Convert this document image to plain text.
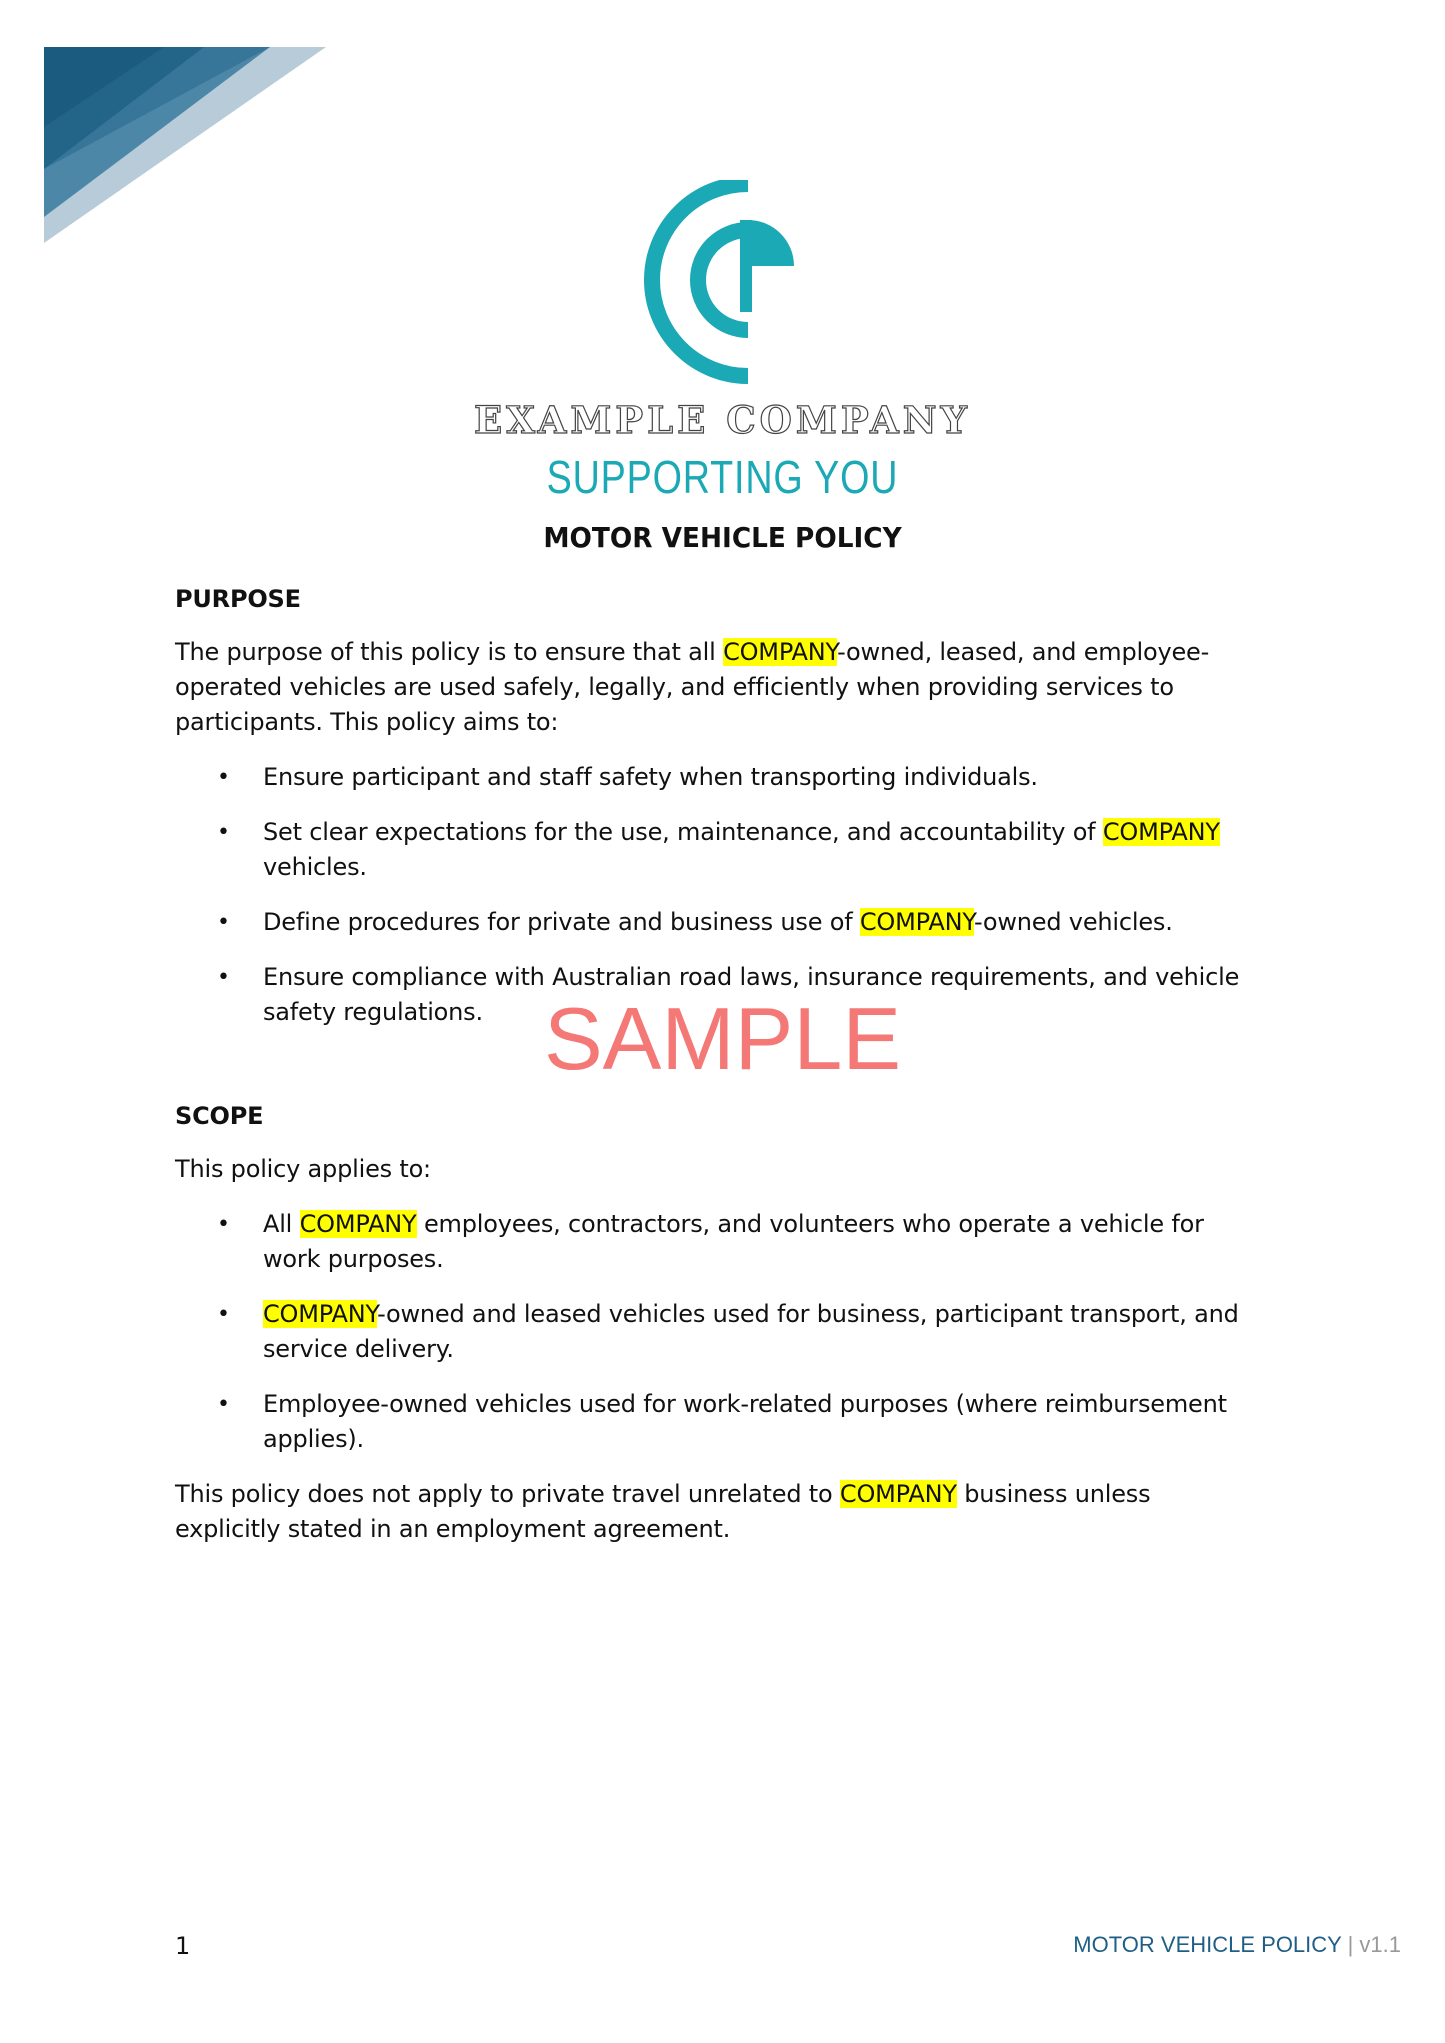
EXAMPLE COMPANY
SUPPORTING YOU
MOTOR VEHICLE POLICY
PURPOSE

The purpose of this policy is to ensure that all COMPANY-owned, leased, and employee-operated vehicles are used safely, legally, and efficiently when providing services to participants. This policy aims to:

• Ensure participant and staff safety when transporting individuals.
• Set clear expectations for the use, maintenance, and accountability of COMPANY vehicles.
• Define procedures for private and business use of COMPANY-owned vehicles.
• Ensure compliance with Australian road laws, insurance requirements, and vehicle safety regulations.
SCOPE

This policy applies to:

• All COMPANY employees, contractors, and volunteers who operate a vehicle for work purposes.
• COMPANY-owned and leased vehicles used for business, participant transport, and service delivery.
• Employee-owned vehicles used for work-related purposes (where reimbursement applies).

This policy does not apply to private travel unrelated to COMPANY business unless explicitly stated in an employment agreement.

SAMPLE
1	MOTOR VEHICLE POLICY | v1.1
